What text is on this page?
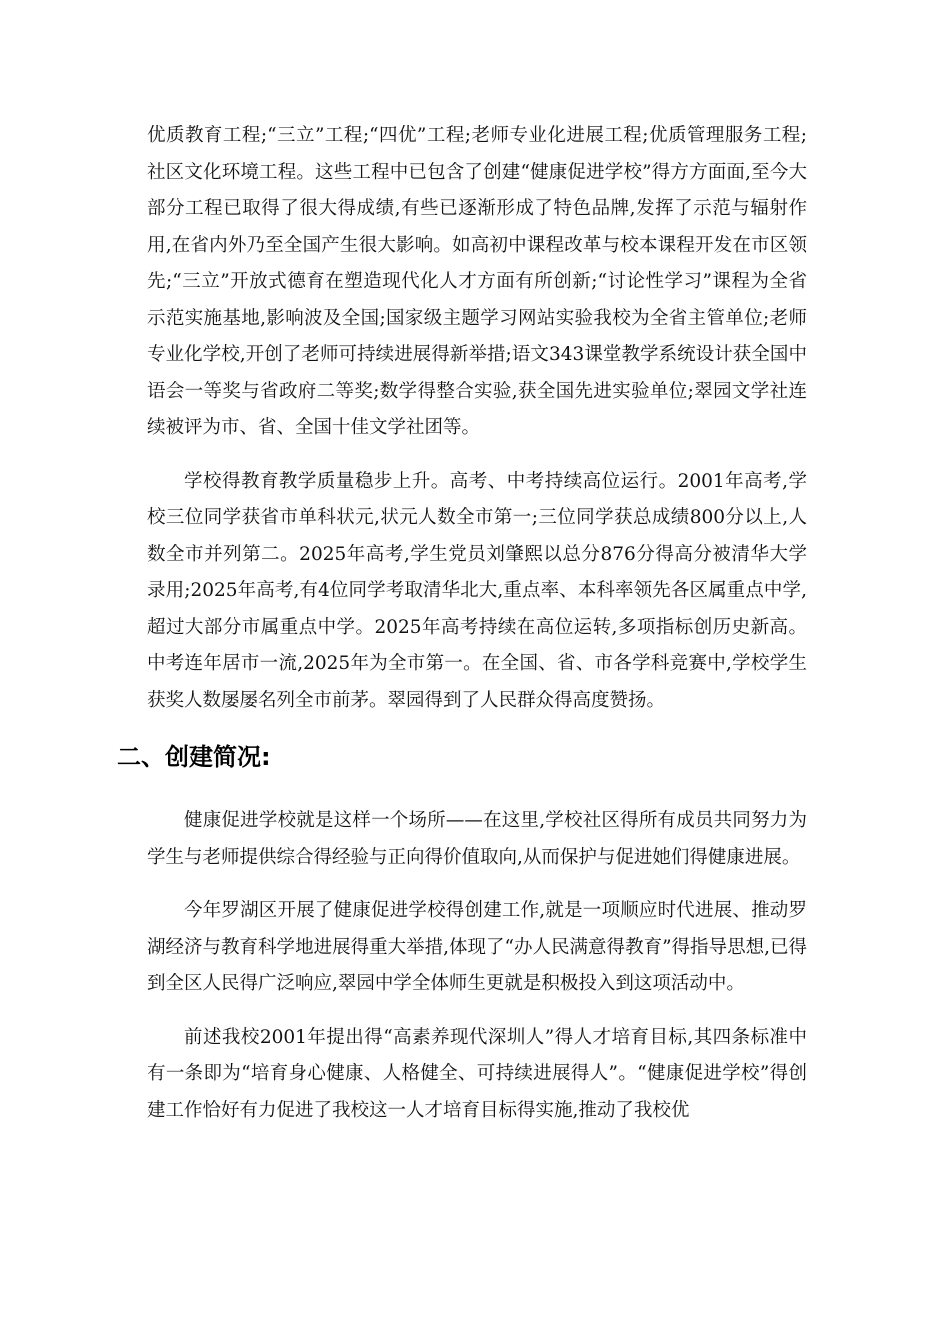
优质教育工程;“三立”工程;“四优”工程;老师专业化进展工程;优质管理服务工程;社区文化环境工程。这些工程中已包含了创建“健康促进学校”得方方面面,至今大部分工程已取得了很大得成绩,有些已逐渐形成了特色品牌,发挥了示范与辐射作用,在省内外乃至全国产生很大影响。如高初中课程改革与校本课程开发在市区领先;“三立”开放式德育在塑造现代化人才方面有所创新;“讨论性学习”课程为全省示范实施基地,影响波及全国;国家级主题学习网站实验我校为全省主管单位;老师专业化学校,开创了老师可持续进展得新举措;语文343课堂教学系统设计获全国中语会一等奖与省政府二等奖;数学得整合实验,获全国先进实验单位;翠园文学社连续被评为市、省、全国十佳文学社团等。

学校得教育教学质量稳步上升。高考、中考持续高位运行。2001年高考,学校三位同学获省市单科状元,状元人数全市第一;三位同学获总成绩800分以上,人数全市并列第二。2025年高考,学生党员刘肇熙以总分876分得高分被清华大学录用;2025年高考,有4位同学考取清华北大,重点率、本科率领先各区属重点中学,超过大部分市属重点中学。2025年高考持续在高位运转,多项指标创历史新高。中考连年居市一流,2025年为全市第一。在全国、省、市各学科竞赛中,学校学生获奖人数屡屡名列全市前茅。翠园得到了人民群众得高度赞扬。

二、创建简况:

健康促进学校就是这样一个场所——在这里,学校社区得所有成员共同努力为学生与老师提供综合得经验与正向得价值取向,从而保护与促进她们得健康进展。

今年罗湖区开展了健康促进学校得创建工作,就是一项顺应时代进展、推动罗湖经济与教育科学地进展得重大举措,体现了“办人民满意得教育”得指导思想,已得到全区人民得广泛响应,翠园中学全体师生更就是积极投入到这项活动中。

前述我校2001年提出得“高素养现代深圳人”得人才培育目标,其四条标准中有一条即为“培育身心健康、人格健全、可持续进展得人”。“健康促进学校”得创建工作恰好有力促进了我校这一人才培育目标得实施,推动了我校优
